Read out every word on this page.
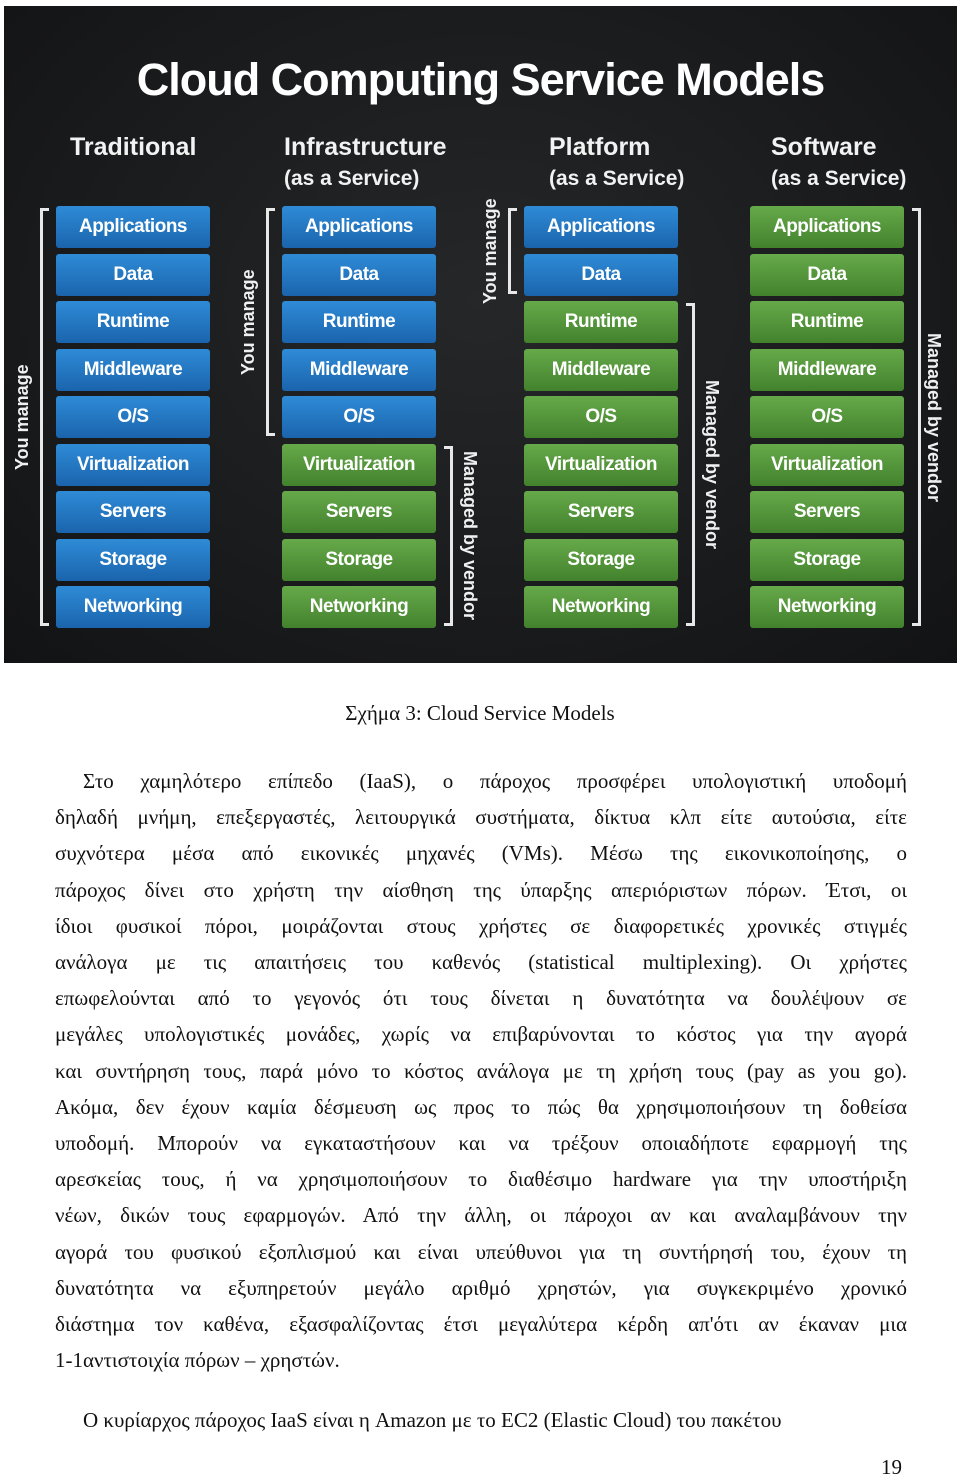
Cloud Computing Service Models
Traditional
Applications
Data
Runtime
Middleware
O/S
Virtualization
Servers
Storage
Networking
You manage
Infrastructure
(as a Service)
Applications
Data
Runtime
Middleware
O/S
Virtualization
Servers
Storage
Networking
You manage
Managed by vendor
Platform
(as a Service)
Applications
Data
Runtime
Middleware
O/S
Virtualization
Servers
Storage
Networking
You manage
Managed by vendor
Software
(as a Service)
Applications
Data
Runtime
Middleware
O/S
Virtualization
Servers
Storage
Networking
Managed by vendor
Σχήμα 3: Cloud Service Models
Στο χαμηλότερο επίπεδο (IaaS), ο πάροχος προσφέρει υπολογιστική υποδομή
δηλαδή μνήμη, επεξεργαστές, λειτουργικά συστήματα, δίκτυα κλπ είτε αυτούσια, είτε
συχνότερα μέσα από εικονικές μηχανές (VMs). Μέσω της εικονικοποίησης, ο
πάροχος δίνει στο χρήστη την αίσθηση της ύπαρξης απεριόριστων πόρων. Έτσι, οι
ίδιοι φυσικοί πόροι, μοιράζονται στους χρήστες σε διαφορετικές χρονικές στιγμές
ανάλογα με τις απαιτήσεις του καθενός (statistical multiplexing). Οι χρήστες
επωφελούνται από το γεγονός ότι τους δίνεται η δυνατότητα να δουλέψουν σε
μεγάλες υπολογιστικές μονάδες, χωρίς να επιβαρύνονται το κόστος για την αγορά
και συντήρηση τους, παρά μόνο το κόστος ανάλογα με τη χρήση τους (pay as you go).
Ακόμα, δεν έχουν καμία δέσμευση ως προς το πώς θα χρησιμοποιήσουν τη δοθείσα
υποδομή. Μπορούν να εγκαταστήσουν και να τρέξουν οποιαδήποτε εφαρμογή της
αρεσκείας τους, ή να χρησιμοποιήσουν το διαθέσιμο hardware για την υποστήριξη
νέων, δικών τους εφαρμογών. Από την άλλη, οι πάροχοι αν και αναλαμβάνουν την
αγορά του φυσικού εξοπλισμού και είναι υπεύθυνοι για τη συντήρησή του, έχουν τη
δυνατότητα να εξυπηρετούν μεγάλο αριθμό χρηστών, για συγκεκριμένο χρονικό
διάστημα τον καθένα, εξασφαλίζοντας έτσι μεγαλύτερα κέρδη απ'ότι αν έκαναν μια
1-1αντιστοιχία πόρων – χρηστών.
Ο κυρίαρχος πάροχος IaaS είναι η Amazon με το EC2 (Elastic Cloud) του πακέτου
19
